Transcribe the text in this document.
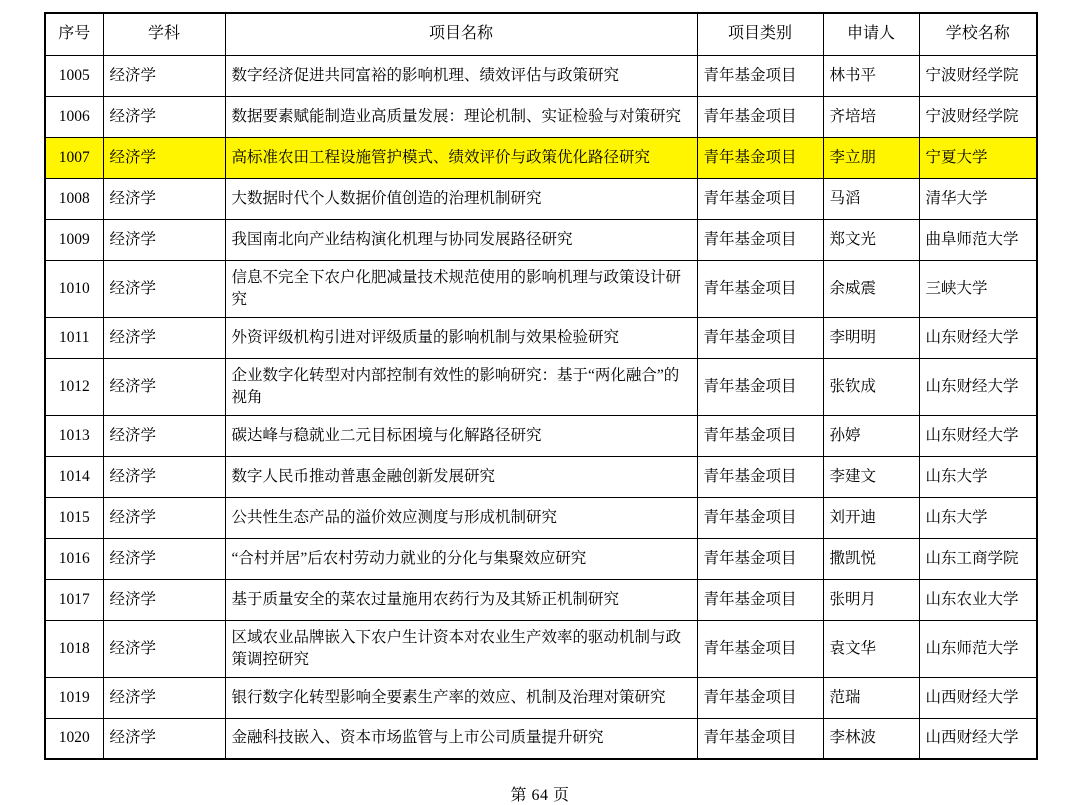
序号	学科	项目名称	项目类别	申请人	学校名称
1005	经济学	数字经济促进共同富裕的影响机理、绩效评估与政策研究	青年基金项目	林书平	宁波财经学院
1006	经济学	数据要素赋能制造业高质量发展：理论机制、实证检验与对策研究	青年基金项目	齐培培	宁波财经学院
1007	经济学	高标准农田工程设施管护模式、绩效评价与政策优化路径研究	青年基金项目	李立朋	宁夏大学
1008	经济学	大数据时代个人数据价值创造的治理机制研究	青年基金项目	马滔	清华大学
1009	经济学	我国南北向产业结构演化机理与协同发展路径研究	青年基金项目	郑文光	曲阜师范大学
1010	经济学	信息不完全下农户化肥减量技术规范使用的影响机理与政策设计研究	青年基金项目	余威震	三峡大学
1011	经济学	外资评级机构引进对评级质量的影响机制与效果检验研究	青年基金项目	李明明	山东财经大学
1012	经济学	企业数字化转型对内部控制有效性的影响研究：基于“两化融合”的视角	青年基金项目	张钦成	山东财经大学
1013	经济学	碳达峰与稳就业二元目标困境与化解路径研究	青年基金项目	孙婷	山东财经大学
1014	经济学	数字人民币推动普惠金融创新发展研究	青年基金项目	李建文	山东大学
1015	经济学	公共性生态产品的溢价效应测度与形成机制研究	青年基金项目	刘开迪	山东大学
1016	经济学	“合村并居”后农村劳动力就业的分化与集聚效应研究	青年基金项目	撒凯悦	山东工商学院
1017	经济学	基于质量安全的菜农过量施用农药行为及其矫正机制研究	青年基金项目	张明月	山东农业大学
1018	经济学	区域农业品牌嵌入下农户生计资本对农业生产效率的驱动机制与政策调控研究	青年基金项目	袁文华	山东师范大学
1019	经济学	银行数字化转型影响全要素生产率的效应、机制及治理对策研究	青年基金项目	范瑞	山西财经大学
1020	经济学	金融科技嵌入、资本市场监管与上市公司质量提升研究	青年基金项目	李林波	山西财经大学
第 64 页
